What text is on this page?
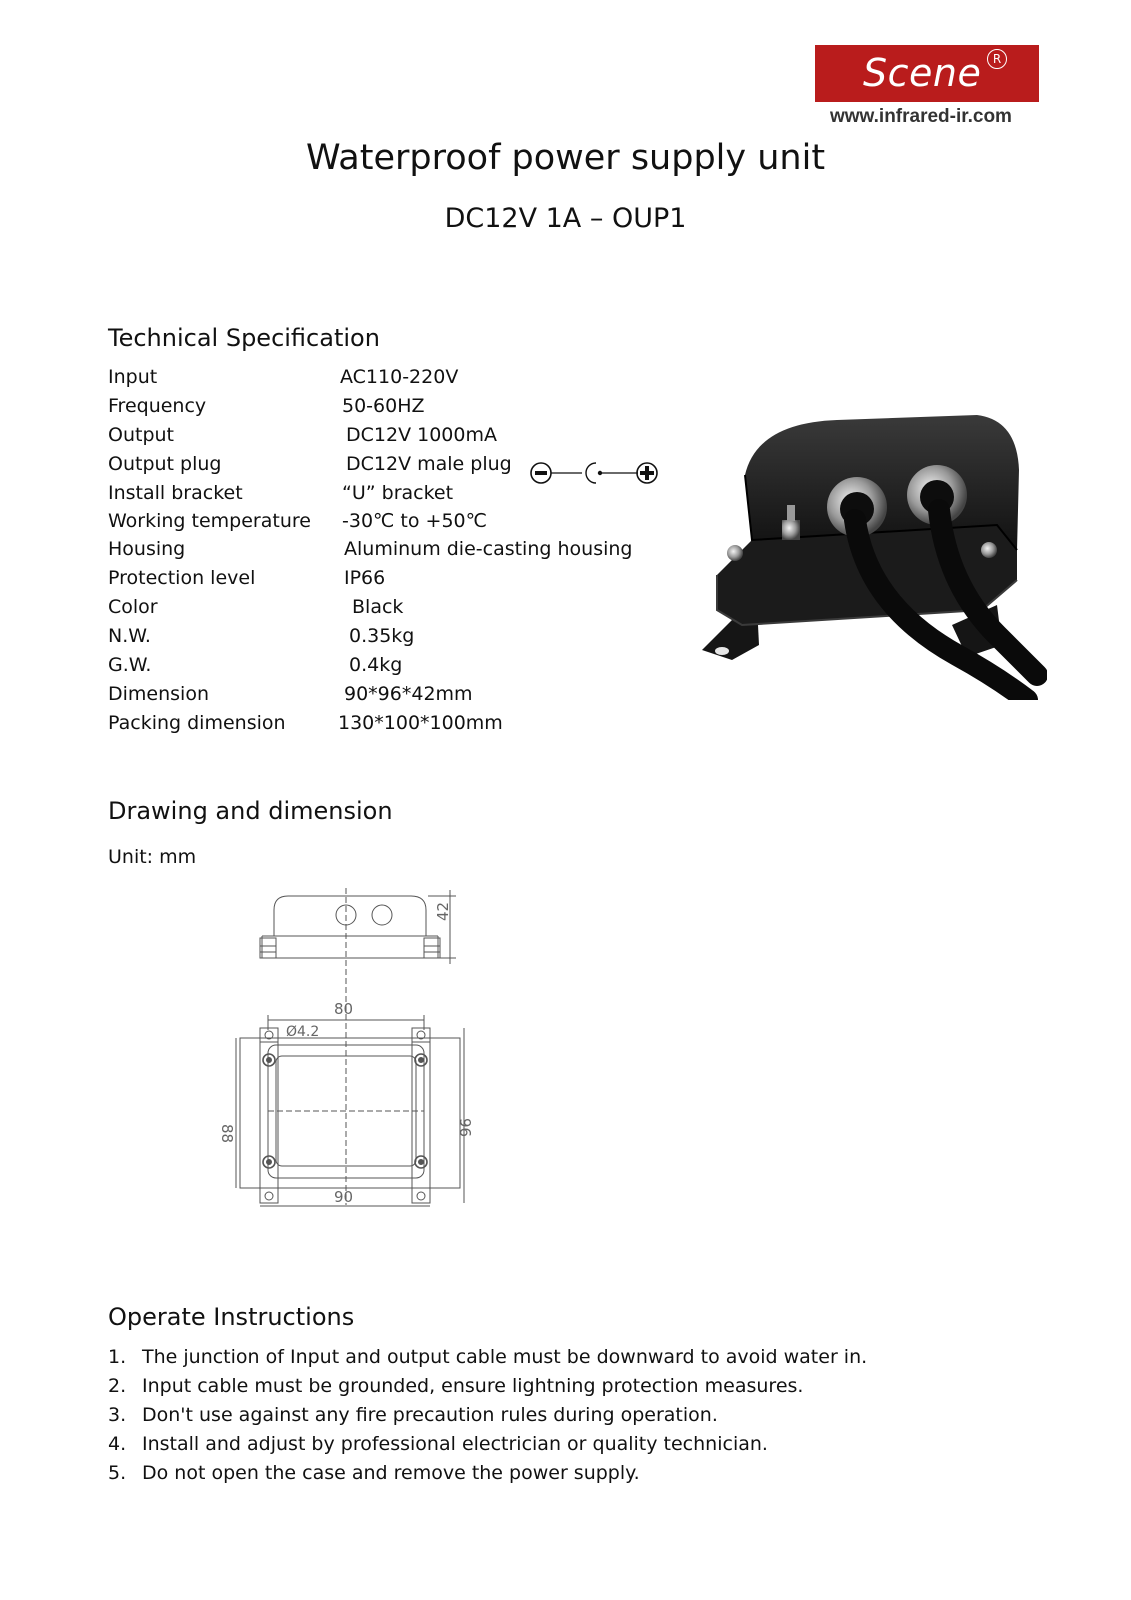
Scene R
www.infrared-ir.com
Waterproof power supply unit
DC12V 1A – OUP1
Technical Specification
Input	AC110-220V
Frequency	50-60HZ
Output	DC12V 1000mA
Output plug	DC12V male plug
Install bracket	“U” bracket
Working temperature -30℃ to +50℃
Housing	Aluminum die-casting housing
Protection level	IP66
Color	Black
N.W.	0.35kg
G.W.	0.4kg
Dimension	90*96*42mm
Packing dimension	130*100*100mm
Drawing and dimension
Unit: mm
42
80
Ø4.2
88	96
90
Operate Instructions
1. The junction of Input and output cable must be downward to avoid water in.
2. Input cable must be grounded, ensure lightning protection measures.
3. Don't use against any fire precaution rules during operation.
4. Install and adjust by professional electrician or quality technician.
5. Do not open the case and remove the power supply.
